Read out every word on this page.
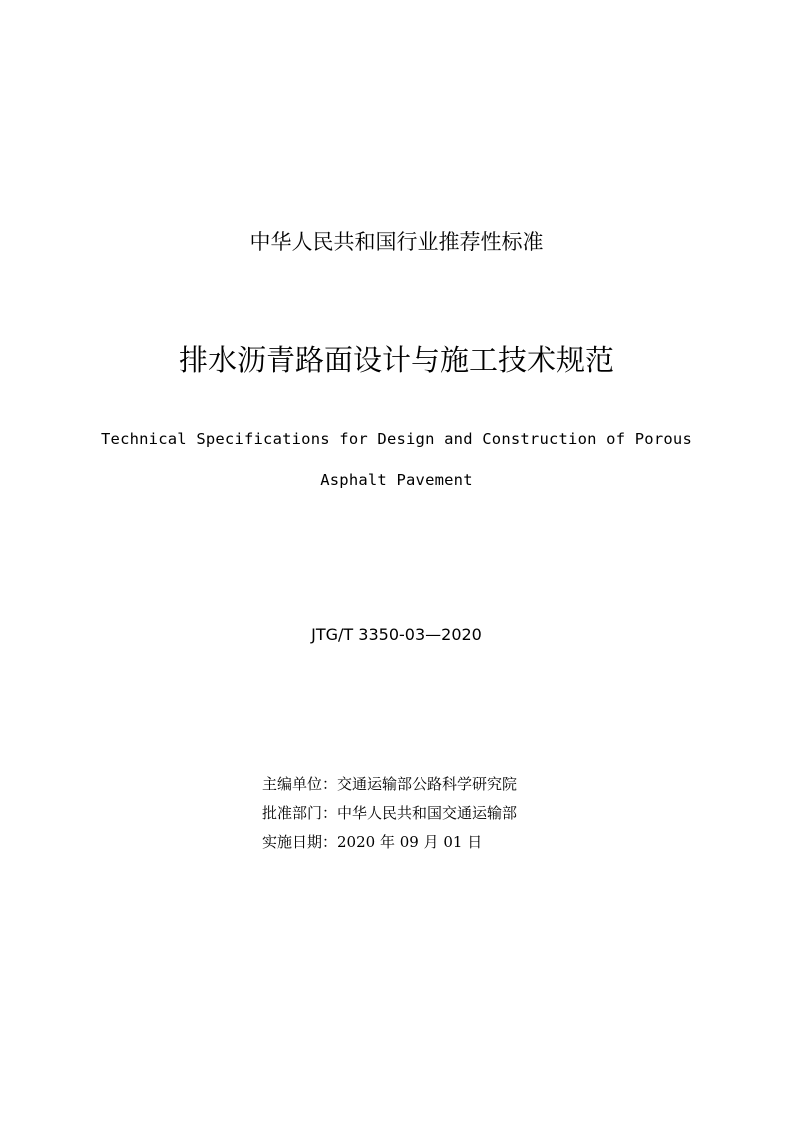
中华人民共和国行业推荐性标准
排水沥青路面设计与施工技术规范
Technical Specifications for Design and Construction of Porous
Asphalt Pavement
JTG/T 3350-03—2020
主编单位：交通运输部公路科学研究院
批准部门：中华人民共和国交通运输部
实施日期：2020 年 09 月 01 日
